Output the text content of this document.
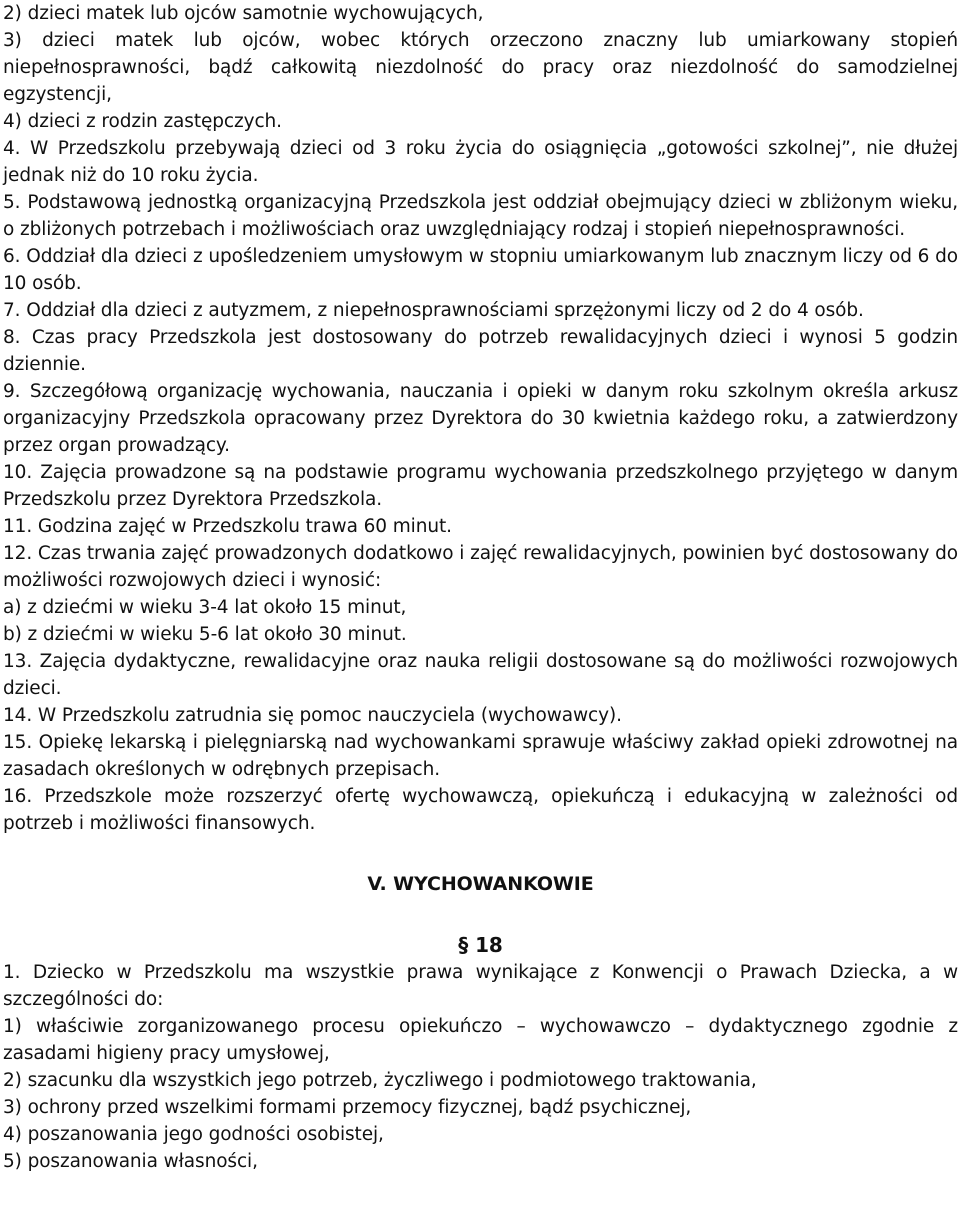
2) dzieci matek lub ojców samotnie wychowujących,

3) dzieci matek lub ojców, wobec których orzeczono znaczny lub umiarkowany stopień niepełnosprawności, bądź całkowitą niezdolność do pracy oraz niezdolność do samodzielnej egzystencji,

4) dzieci z rodzin zastępczych.

4. W Przedszkolu przebywają dzieci od 3 roku życia do osiągnięcia „gotowości szkolnej”, nie dłużej jednak niż do 10 roku życia.

5. Podstawową jednostką organizacyjną Przedszkola jest oddział obejmujący dzieci w zbliżonym wieku, o zbliżonych potrzebach i możliwościach oraz uwzględniający rodzaj i stopień niepełnosprawności.

6. Oddział dla dzieci z upośledzeniem umysłowym w stopniu umiarkowanym lub znacznym liczy od 6 do 10 osób.

7. Oddział dla dzieci z autyzmem, z niepełnosprawnościami sprzężonymi liczy od 2 do 4 osób.

8. Czas pracy Przedszkola jest dostosowany do potrzeb rewalidacyjnych dzieci i wynosi 5 godzin dziennie.

9. Szczegółową organizację wychowania, nauczania i opieki w danym roku szkolnym określa arkusz organizacyjny Przedszkola opracowany przez Dyrektora do 30 kwietnia każdego roku, a zatwierdzony przez organ prowadzący.

10. Zajęcia prowadzone są na podstawie programu wychowania przedszkolnego przyjętego w danym Przedszkolu przez Dyrektora Przedszkola.

11. Godzina zajęć w Przedszkolu trawa 60 minut.

12. Czas trwania zajęć prowadzonych dodatkowo i zajęć rewalidacyjnych, powinien być dostosowany do możliwości rozwojowych dzieci i wynosić:

a) z dziećmi w wieku 3-4 lat około 15 minut,

b) z dziećmi w wieku 5-6 lat około 30 minut.

13. Zajęcia dydaktyczne, rewalidacyjne oraz nauka religii dostosowane są do możliwości rozwojowych dzieci.

14. W Przedszkolu zatrudnia się pomoc nauczyciela (wychowawcy).

15. Opiekę lekarską i pielęgniarską nad wychowankami sprawuje właściwy zakład opieki zdrowotnej na zasadach określonych w odrębnych przepisach.

16. Przedszkole może rozszerzyć ofertę wychowawczą, opiekuńczą i edukacyjną w zależności od potrzeb i możliwości finansowych.

V. WYCHOWANKOWIE
§ 18

1. Dziecko w Przedszkolu ma wszystkie prawa wynikające z Konwencji o Prawach Dziecka, a w szczególności do:

1) właściwie zorganizowanego procesu opiekuńczo – wychowawczo – dydaktycznego zgodnie z zasadami higieny pracy umysłowej,

2) szacunku dla wszystkich jego potrzeb, życzliwego i podmiotowego traktowania,

3) ochrony przed wszelkimi formami przemocy fizycznej, bądź psychicznej,

4) poszanowania jego godności osobistej,

5) poszanowania własności,
